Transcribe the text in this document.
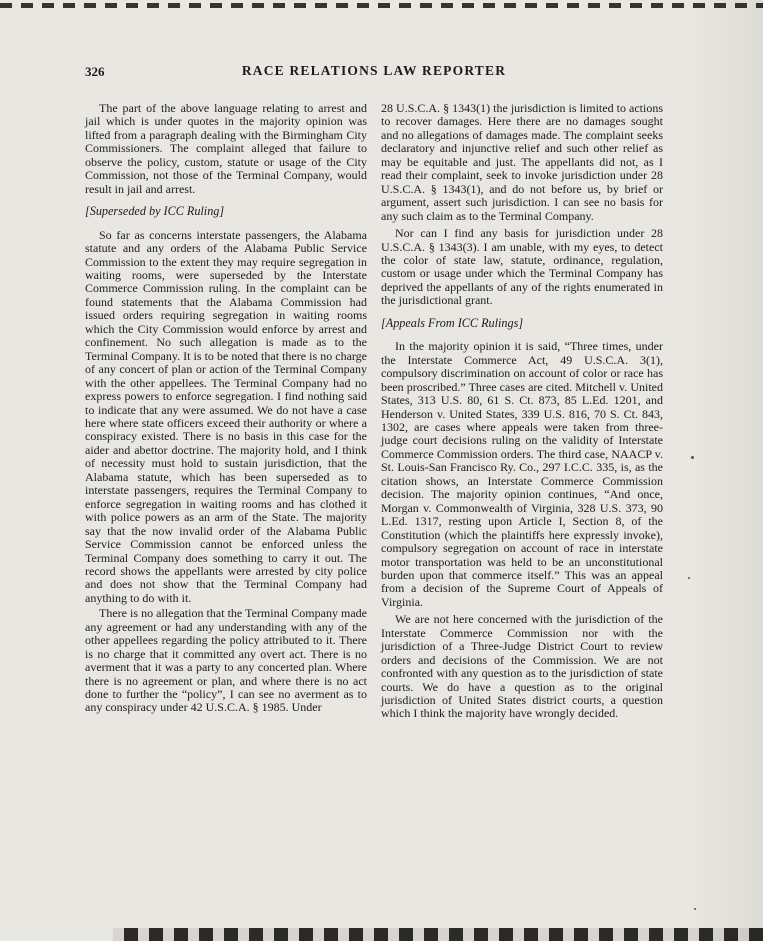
326	RACE RELATIONS LAW REPORTER

The part of the above language relating to arrest and jail which is under quotes in the majority opinion was lifted from a paragraph dealing with the Birmingham City Commissioners. The complaint alleged that failure to observe the policy, custom, statute or usage of the City Commission, not those of the Terminal Company, would result in jail and arrest.

[Superseded by ICC Ruling]

So far as concerns interstate passengers, the Alabama statute and any orders of the Alabama Public Service Commission to the extent they may require segregation in waiting rooms, were superseded by the Interstate Commerce Commission ruling. In the complaint can be found statements that the Alabama Commission had issued orders requiring segregation in waiting rooms which the City Commission would enforce by arrest and confinement. No such allegation is made as to the Terminal Company. It is to be noted that there is no charge of any concert of plan or action of the Terminal Company with the other appellees. The Terminal Company had no express powers to enforce segregation. I find nothing said to indicate that any were assumed. We do not have a case here where state officers exceed their authority or where a conspiracy existed. There is no basis in this case for the aider and abettor doctrine. The majority hold, and I think of necessity must hold to sustain jurisdiction, that the Alabama statute, which has been superseded as to interstate passengers, requires the Terminal Company to enforce segregation in waiting rooms and has clothed it with police powers as an arm of the State. The majority say that the now invalid order of the Alabama Public Service Commission cannot be enforced unless the Terminal Company does something to carry it out. The record shows the appellants were arrested by city police and does not show that the Terminal Company had anything to do with it.

There is no allegation that the Terminal Company made any agreement or had any understanding with any of the other appellees regarding the policy attributed to it. There is no charge that it committed any overt act. There is no averment that it was a party to any concerted plan. Where there is no agreement or plan, and where there is no act done to further the “policy”, I can see no averment as to any conspiracy under 42 U.S.C.A. § 1985. Under

28 U.S.C.A. § 1343(1) the jurisdiction is limited to actions to recover damages. Here there are no damages sought and no allegations of damages made. The complaint seeks declaratory and injunctive relief and such other relief as may be equitable and just. The appellants did not, as I read their complaint, seek to invoke jurisdiction under 28 U.S.C.A. § 1343(1), and do not before us, by brief or argument, assert such jurisdiction. I can see no basis for any such claim as to the Terminal Company.

Nor can I find any basis for jurisdiction under 28 U.S.C.A. § 1343(3). I am unable, with my eyes, to detect the color of state law, statute, ordinance, regulation, custom or usage under which the Terminal Company has deprived the appellants of any of the rights enumerated in the jurisdictional grant.

[Appeals From ICC Rulings]

In the majority opinion it is said, “Three times, under the Interstate Commerce Act, 49 U.S.C.A. 3(1), compulsory discrimination on account of color or race has been proscribed.” Three cases are cited. Mitchell v. United States, 313 U.S. 80, 61 S. Ct. 873, 85 L.Ed. 1201, and Henderson v. United States, 339 U.S. 816, 70 S. Ct. 843, 1302, are cases where appeals were taken from three-judge court decisions ruling on the validity of Interstate Commerce Commission orders. The third case, NAACP v. St. Louis-San Francisco Ry. Co., 297 I.C.C. 335, is, as the citation shows, an Interstate Commerce Commission decision. The majority opinion continues, “And once, Morgan v. Commonwealth of Virginia, 328 U.S. 373, 90 L.Ed. 1317, resting upon Article I, Section 8, of the Constitution (which the plaintiffs here expressly invoke), compulsory segregation on account of race in interstate motor transportation was held to be an unconstitutional burden upon that commerce itself.” This was an appeal from a decision of the Supreme Court of Appeals of Virginia.

We are not here concerned with the jurisdiction of the Interstate Commerce Commission nor with the jurisdiction of a Three-Judge District Court to review orders and decisions of the Commission. We are not confronted with any question as to the jurisdiction of state courts. We do have a question as to the original jurisdiction of United States district courts, a question which I think the majority have wrongly decided.
